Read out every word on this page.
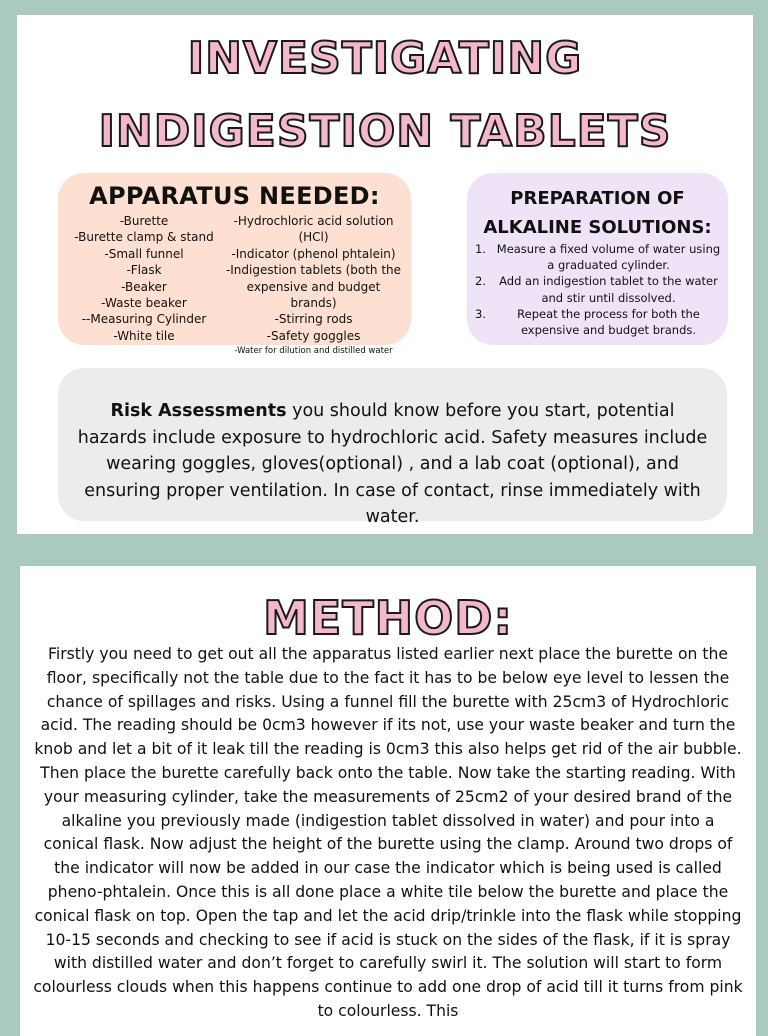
INVESTIGATING
INDIGESTION TABLETS
APPARATUS NEEDED:
-Burette
-Burette clamp & stand
-Small funnel
-Flask
-Beaker
-Waste beaker
--Measuring Cylinder
-White tile
-Hydrochloric acid solution
(HCl)
-Indicator (phenol phtalein)
-Indigestion tablets (both the
expensive and budget brands)
-Stirring rods
-Safety goggles
-Water for dilution and distilled water
PREPARATION OF ALKALINE SOLUTIONS:
1. Measure a fixed volume of water using a graduated cylinder.
2.	Add an indigestion tablet to the water and stir until dissolved.
3.	Repeat the process for both the expensive and budget brands.

Risk Assessments you should know before you start, potential hazards include exposure to hydrochloric acid. Safety measures include wearing goggles, gloves(optional) , and a lab coat (optional), and ensuring proper ventilation. In case of contact, rinse immediately with water.

METHOD:

Firstly you need to get out all the apparatus listed earlier next place the burette on the floor, specifically not the table due to the fact it has to be below eye level to lessen the chance of spillages and risks. Using a funnel fill the burette with 25cm3 of Hydrochloric acid. The reading should be 0cm3 however if its not, use your waste beaker and turn the knob and let a bit of it leak till the reading is 0cm3 this also helps get rid of the air bubble. Then place the burette carefully back onto the table. Now take the starting reading. With your measuring cylinder, take the measurements of 25cm2 of your desired brand of the alkaline you previously made (indigestion tablet dissolved in water) and pour into a conical flask. Now adjust the height of the burette using the clamp. Around two drops of the indicator will now be added in our case the indicator which is being used is called pheno-phtalein. Once this is all done place a white tile below the burette and place the conical flask on top. Open the tap and let the acid drip/trinkle into the flask while stopping 10-15 seconds and checking to see if acid is stuck on the sides of the flask, if it is spray with distilled water and don’t forget to carefully swirl it. The solution will start to form colourless clouds when this happens continue to add one drop of acid till it turns from pink to colourless. This
